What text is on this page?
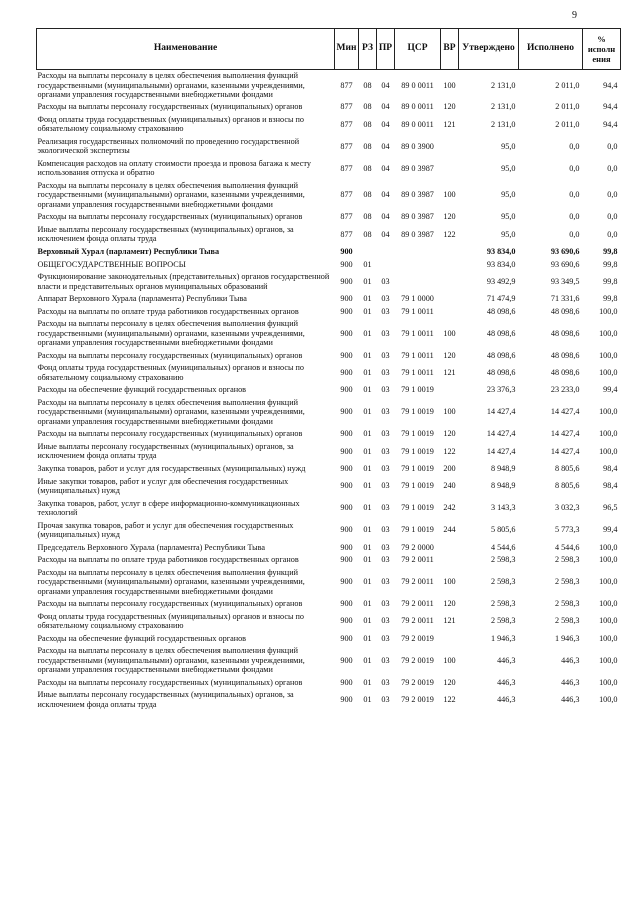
9
Наименование	Мин	РЗ	ПР	ЦСР	ВР	Утверждено	Исполнено	% исполн ения
Расходы на выплаты персоналу в целях обеспечения выполнения функций государственными (муниципальными) органами, казенными учреждениями, органами управления государственными внебюджетными фондами	877	08	04	89 0 0011	100	2 131,0	2 011,0	94,4
Расходы на выплаты персоналу государственных (муниципальных) органов	877	08	04	89 0 0011	120	2 131,0	2 011,0	94,4
Фонд оплаты труда государственных (муниципальных) органов и взносы по обязательному социальному страхованию	877	08	04	89 0 0011	121	2 131,0	2 011,0	94,4
Реализация государственных полномочий по проведению государственной экологической экспертизы	877	08	04	89 0 3900		95,0	0,0	0,0
Компенсация расходов на оплату стоимости проезда и провоза багажа к месту использования отпуска и обратно	877	08	04	89 0 3987		95,0	0,0	0,0
Расходы на выплаты персоналу в целях обеспечения выполнения функций государственными (муниципальными) органами, казенными учреждениями, органами управления государственными внебюджетными фондами	877	08	04	89 0 3987	100	95,0	0,0	0,0
Расходы на выплаты персоналу государственных (муниципальных) органов	877	08	04	89 0 3987	120	95,0	0,0	0,0
Иные выплаты персоналу государственных (муниципальных) органов, за исключением фонда оплаты труда	877	08	04	89 0 3987	122	95,0	0,0	0,0
Верховный Хурал (парламент) Республики Тыва	900					93 834,0	93 690,6	99,8
ОБЩЕГОСУДАРСТВЕННЫЕ ВОПРОСЫ	900	01				93 834,0	93 690,6	99,8
Функционирование законодательных (представительных) органов государственной власти и представительных органов муниципальных образований	900	01	03			93 492,9	93 349,5	99,8
Аппарат Верховного Хурала (парламента) Республики Тыва	900	01	03	79 1 0000		71 474,9	71 331,6	99,8
Расходы на выплаты по оплате труда работников государственных органов	900	01	03	79 1 0011		48 098,6	48 098,6	100,0
Расходы на выплаты персоналу в целях обеспечения выполнения функций государственными (муниципальными) органами, казенными учреждениями, органами управления государственными внебюджетными фондами	900	01	03	79 1 0011	100	48 098,6	48 098,6	100,0
Расходы на выплаты персоналу государственных (муниципальных) органов	900	01	03	79 1 0011	120	48 098,6	48 098,6	100,0
Фонд оплаты труда государственных (муниципальных) органов и взносы по обязательному социальному страхованию	900	01	03	79 1 0011	121	48 098,6	48 098,6	100,0
Расходы на обеспечение функций государственных органов	900	01	03	79 1 0019		23 376,3	23 233,0	99,4
Расходы на выплаты персоналу в целях обеспечения выполнения функций государственными (муниципальными) органами, казенными учреждениями, органами управления государственными внебюджетными фондами	900	01	03	79 1 0019	100	14 427,4	14 427,4	100,0
Расходы на выплаты персоналу государственных (муниципальных) органов	900	01	03	79 1 0019	120	14 427,4	14 427,4	100,0
Иные выплаты персоналу государственных (муниципальных) органов, за исключением фонда оплаты труда	900	01	03	79 1 0019	122	14 427,4	14 427,4	100,0
Закупка товаров, работ и услуг для государственных (муниципальных) нужд	900	01	03	79 1 0019	200	8 948,9	8 805,6	98,4
Иные закупки товаров, работ и услуг для обеспечения государственных (муниципальных) нужд	900	01	03	79 1 0019	240	8 948,9	8 805,6	98,4
Закупка товаров, работ, услуг в сфере информационно-коммуникационных технологий	900	01	03	79 1 0019	242	3 143,3	3 032,3	96,5
Прочая закупка товаров, работ и услуг для обеспечения государственных (муниципальных) нужд	900	01	03	79 1 0019	244	5 805,6	5 773,3	99,4
Председатель Верховного Хурала (парламента) Республики Тыва	900	01	03	79 2 0000		4 544,6	4 544,6	100,0
Расходы на выплаты по оплате труда работников государственных органов	900	01	03	79 2 0011		2 598,3	2 598,3	100,0
Расходы на выплаты персоналу в целях обеспечения выполнения функций государственными (муниципальными) органами, казенными учреждениями, органами управления государственными внебюджетными фондами	900	01	03	79 2 0011	100	2 598,3	2 598,3	100,0
Расходы на выплаты персоналу государственных (муниципальных) органов	900	01	03	79 2 0011	120	2 598,3	2 598,3	100,0
Фонд оплаты труда государственных (муниципальных) органов и взносы по обязательному социальному страхованию	900	01	03	79 2 0011	121	2 598,3	2 598,3	100,0
Расходы на обеспечение функций государственных органов	900	01	03	79 2 0019		1 946,3	1 946,3	100,0
Расходы на выплаты персоналу в целях обеспечения выполнения функций государственными (муниципальными) органами, казенными учреждениями, органами управления государственными внебюджетными фондами	900	01	03	79 2 0019	100	446,3	446,3	100,0
Расходы на выплаты персоналу государственных (муниципальных) органов	900	01	03	79 2 0019	120	446,3	446,3	100,0
Иные выплаты персоналу государственных (муниципальных) органов, за исключением фонда оплаты труда	900	01	03	79 2 0019	122	446,3	446,3	100,0
